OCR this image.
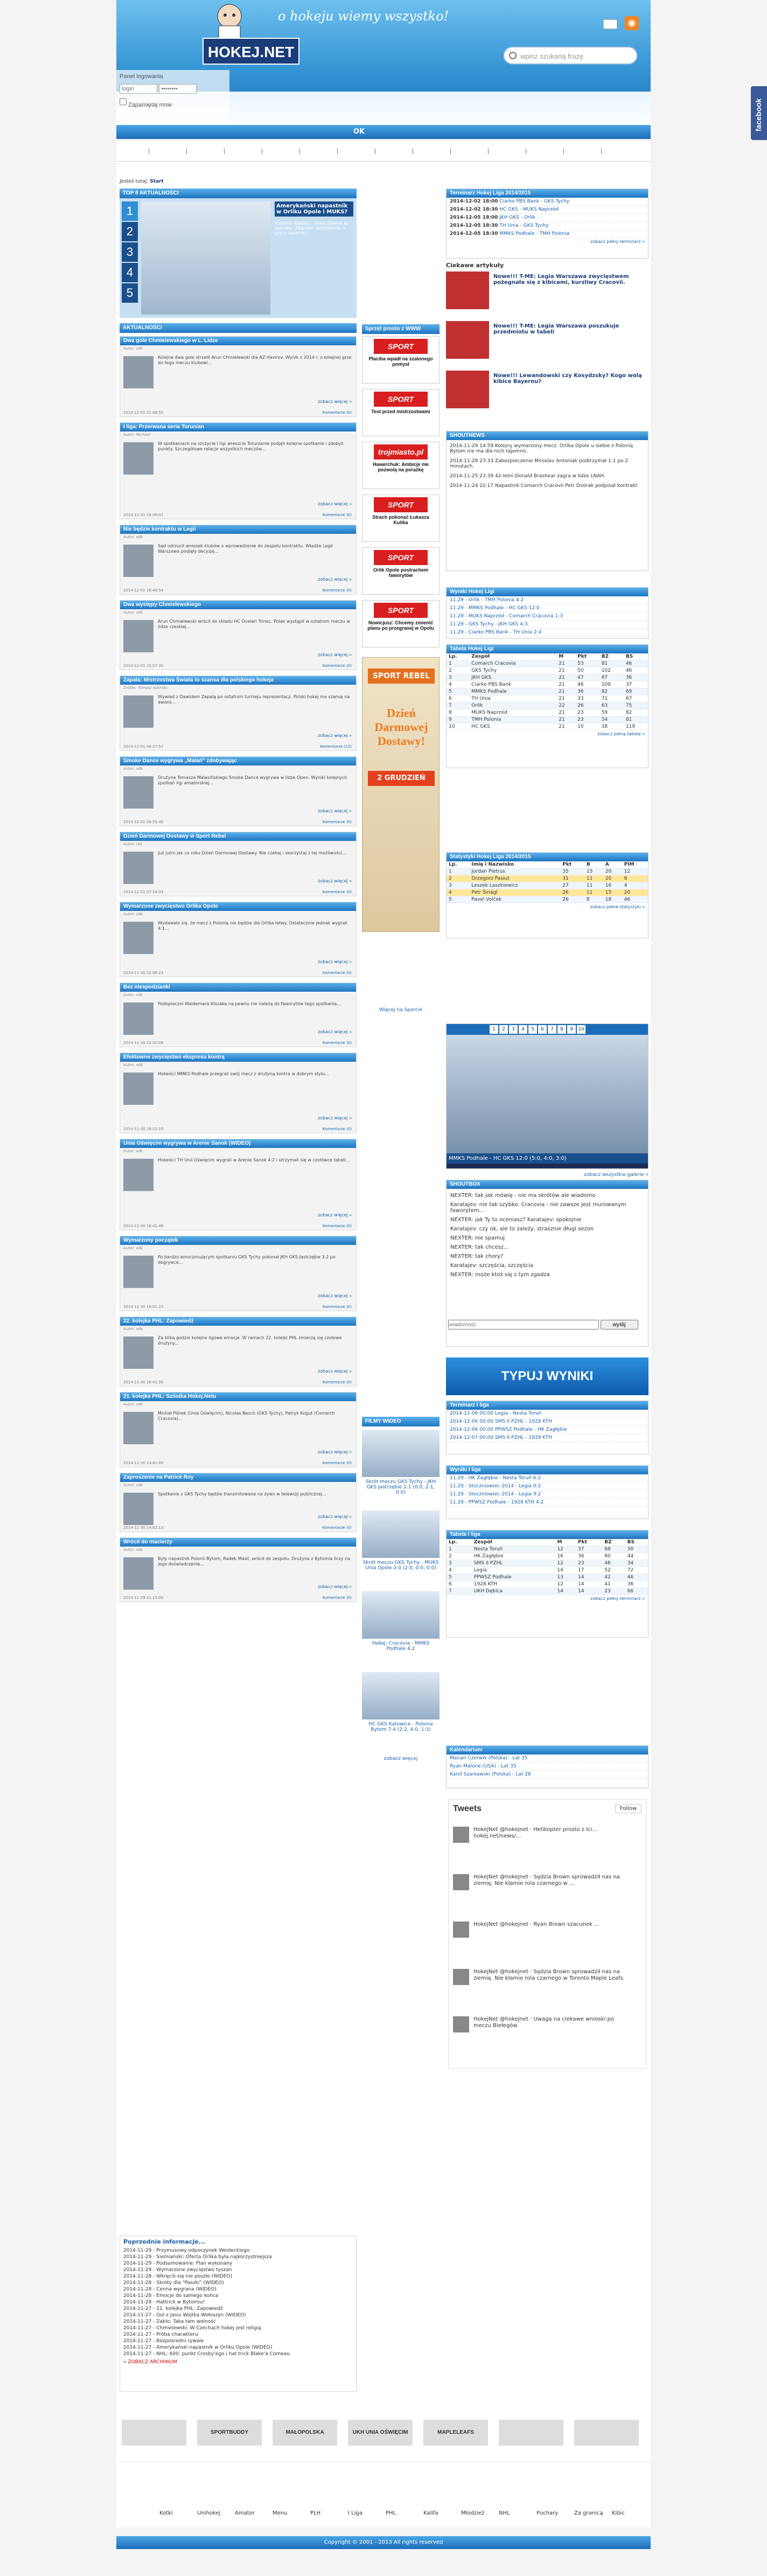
facebook
o hokeju wiemy wszystko!
HOKEJ.NET
◉
wpisz szukaną frazę
Panel logowania
login ••••••••
Zapamiętaj mnie
OK
Jesteś tutaj: Start
TOP 8 AKTUALNOŚCI
1
2
3
4
5
Amerykański napastnik w Orliku Opole i MUKS?
Vladimir Kladivo i Grant Dvorak w kościele. Zdaniem sportowców o grę w sezonie...
AKTUALNOŚCI
Dwa gole Chmielewskiego w L. Lidze
Autor: xdk
Kolejne dwa gole strzelił Arun Chmielewski dla AZ Havirov. Wynik z 2014 r. o kolejnej grze do tego meczu klubowi...
zobacz więcej »
2014-12-01 21:08:55	Komentarze (0)
I liga: Przerwana seria Torunian
Autor: Michael
W spotkaniach na szczycie I ligi wreszcie Torunianie podjęli kolejne spotkanie i zdobyli punkty. Szczegółowe relacje wszystkich meczów...
zobacz więcej »
2014-12-01 19:49:01	Komentarze (0)
Nie będzie kontraktu w Legii
Autor: xdk
Sąd odrzucił wniosek klubów o wprowadzenie do zespołu kontraktu. Władze Legii Warszawa podjęły decyzję...
zobacz więcej »
2014-12-01 18:46:54	Komentarze (0)
Dwa występy Chmielewskiego
Autor: xdk
Arun Chmielewski wrócił do składu HC Ocelari Trinec. Polak wystąpił w ostatnim meczu w lidze czeskiej...
zobacz więcej »
2014-12-01 15:57:30	Komentarze (0)
Zapala: Mistrzostwa Świata to szansa dla polskiego hokeja
Źródło: Tomasz Kuliński
Wywiad z Dawidem Zapalą po ostatnim turnieju reprezentacji. Polski hokej ma szansę na awans...
zobacz więcej »
2014-12-01 08:37:57	Komentarze (12)
Smoke Dance wygrywa „Malań” zdobywając
Autor: xdk
Drużyna Tomasza Malasińskiego Smoke Dance wygrywa w lidze Open. Wyniki kolejnych spotkań ligi amatorskiej...
zobacz więcej »
2014-12-01 06:55:40	Komentarze (0)
Dzień Darmowej Dostawy w Sport Rebel
Autor: rzd
Już jutro jak co roku Dzień Darmowej Dostawy. Nie czekaj i skorzystaj z tej możliwości...
zobacz więcej »
2014-12-01 07:16:04	Komentarze (0)
Wymarzone zwycięstwo Orlika Opole
Autor: xdk
Wydawało się, że mecz z Polonią nie będzie dla Orlika łatwy. Ostatecznie jednak wygrali 4:1...
zobacz więcej »
2014-11-30 22:06:23	Komentarze (0)
Bez niespodzianki
Autor: xdk
Podopieczni Waldemara Klisiaka na pewno nie należą do faworytów tego spotkania...
zobacz więcej »
2014-11-30 21:02:06	Komentarze (0)
Efektowne zwycięstwo ekspresu kontrą
Autor: xdk
Hokeiści MMKS Podhale przegrali swój mecz z drużyną kontra w dobrym stylu...
zobacz więcej »
2014-11-30 18:52:19	Komentarze (0)
Unia Oświęcim wygrywa w Arenie Sanok (WIDEO)
Autor: xdk
Hokeiści TH Unii Oświęcim wygrali w Arenie Sanok 4:2 i utrzymali się w czołówce tabeli...
zobacz więcej »
2014-11-30 18:41:48	Komentarze (0)
Wymarzony początek
Autor: xdk
Po bardzo emocjonującym spotkaniu GKS Tychy pokonał JKH GKS Jastrzębie 3:2 po dogrywce...
zobacz więcej »
2014-11-30 16:01:23	Komentarze (0)
22. kolejka PHL: Zapowiedź
Autor: xdk
Za kilka godzin kolejne ligowe emocje. W ramach 22. kolejki PHL zmierzą się czołowe drużyny...
zobacz więcej »
2014-11-30 16:41:00	Komentarze (0)
21. kolejka PHL: Szóstka Hokej.Netu
Autor: xdk
Michał Piórek (Unia Oświęcim), Nicolas Besch (GKS Tychy), Patryk Kogut (Comarch Cracovia)...
zobacz więcej »
2014-11-30 14:41:00	Komentarze (0)
Zaproszenie na Patrick Roy
Autor: xdk
Spotkanie z GKS Tychy będzie transmitowane na żywo w telewizji publicznej...
zobacz więcej »
2014-11-30 14:02:13	Komentarze (0)
Wrócił do macierzy
Autor: xdk
Były napastnik Polonii Bytom, Radek Masil, wrócił do zespołu. Drużyna z Bytomia liczy na jego doświadczenie...
zobacz więcej »
2014-11-29 21:15:00	Komentarze (0)
Poprzednie informacje...
2014-11-29 - Przymusowy odpoczynek Weideckiego
2014-11-29 - Siemiański: Oferta Orlika była najkorzystniejsza
2014-11-29 - Podsumowanie: Plan wykonany
2014-11-29 - Wymarzone zwycięstwo tyszan
2014-11-28 - Wkręcili się nie poszło (WIDEO)
2014-11-28 - Skróty dla "Paszki" (WIDEO)
2014-11-28 - Cenna wygrana (WIDEO)
2014-11-28 - Emocje do samego końca
2014-11-28 - Hattrick w Bytomiu!
2014-11-27 - 21. kolejka PHL: Zapowiedź
2014-11-27 - Gol z Jasiu Wojtka Wołoszyn (WIDEO)
2014-11-27 - Zaklo: Taka tam wolność
2014-11-27 - Chmielewski: W Czechach hokej jest religią
2014-11-27 - Próba charakteru
2014-11-27 - Bezpośredni rywale
2014-11-27 - Amerykański napastnik w Orliku Opole (WIDEO)
2014-11-27 - NHL: 600. punkt Crosby'ego i hat trick Blake'a Comeau
» ZOBACZ ARCHIWUM
Sprzęt prosto z WWW
SPORT
Płaciba wpadł na szalonego pomysł
SPORT
Test przed mistrzostwami
trojmiasto.pl
Hawerchuk: Ambicje nie pozwolą na porażkę
SPORT
Strach pokonać Łukasza Kulika
SPORT
Orlik Opole postrachem faworytów
SPORT
Nowicjusz: Chcemy zmienić planu po przegranej w Opolu
SPORT REBEL
Dzień Darmowej Dostawy!
2 GRUDZIEŃ
Więcej na Sporcie
FILMY WIDEO
Skrót meczu GKS Tychy - JKH GKS Jastrzębie 2:1 (0:0, 2:1, 0:0)
Skrót meczu GKS Tychy - MUKS Unia Opole 2:0 (2:0, 0:0, 0:0)
Hokej: Cracovia - MMKS Podhale 4:2
HC GKS Katowice - Polonia Bytom 7:4 (2:2, 4:0, 1:3)
zobacz więcej
Terminarz Hokej Liga 2014/2015
2014-12-02 18:00 Ciarko PBS Bank - GKS Tychy
2014-12-02 18:30 HC GKS - MUKS Naprzód
2014-12-05 18:00 JKH GKS - Orlik
2014-12-05 18:30 TH Unia - GKS Tychy
2014-12-05 18:30 MMKS Podhale - TMH Polonia
zobacz pełny terminarz »
Ciekawe artykuły
Nowe!!! T-ME: Legia Warszawa zwycięstwem pożegnała się z kibicami, kurzliwy Cracovii.
Nowe!!! T-ME: Legia Warszawa poszukuje przedmiotu w tabeli
Nowe!!! Lewandowski czy Kosydzsky? Kogo wolą kibice Bayernu?
SHOUTNEWS
2014-11-29 14:59 Kolejny wymarzony mecz. Orlika Opole u siebie z Polonią Bytom nie ma dla nich tajemnic.
2014-11-28 23:33 Zabezpieczenie Miroslav Antoniak podtrzymał 1:1 po 2 minutach.
2014-11-25 23:39 42-letni Donald Brashear zagra w lidze LNAH.
2014-11-24 22:17 Napastnik Comarch Cracovii Petr Dvorak podpisał kontrakt
Wyniki Hokej Ligi
11.29 - Orlik - TMH Polonia 4:2
11.29 - MMKS Podhale - HC GKS 12:0
11.29 - MUKS Naprzód - Comarch Cracovia 1:3
11.29 - GKS Tychy - JKH GKS 4:3
11.29 - Ciarko PBS Bank - TH Unia 2:4
Tabela Hokej Ligi
Lp.	Zespół	M	Pkt	BZ	BS
1	Comarch Cracovia	21	53	81	46
2	GKS Tychy	21	50	102	46
3	JKH GKS	21	47	87	36
4	Ciarko PBS Bank	21	46	109	37
5	MMKS Podhale	21	36	82	69
6	TH Unia	21	33	71	67
7	Orlik	22	26	63	75
8	MUKS Naprzód	21	23	59	82
9	TMH Polonia	21	23	54	81
10	HC GKS	21	10	38	119
zobacz pełną tabelę »
Statystyki Hokej Liga 2014/2015
Lp.	Imię i Nazwisko	Pkt	B	A	PIM
1	Jordan Pietrus	35	15	20	12
2	Grzegorz Pasiut	31	11	20	8
3	Leszek Laszkiewicz	27	11	16	4
4	Petr Šinágl	26	11	15	20
5	Pavel Volček	26	8	18	46
zobacz pełne statystyki »
1 2 3 4 5 6 7 8 9 10
MMKS Podhale - HC GKS 12:0 (5:0, 4:0, 3:0)
zobacz wszystkie galerie »
SHOUTBOX
NEXTER: tak jak mówię - nie ma skrótów ale wiadomo
Karatajev: nie tak szybko. Cracovia - nie zawsze jest murowanym faworytem...
NEXTER: jak Ty to oceniasz? Karatajev: spokojnie
Karatajev: czy ok, ale to zależy, strasznie długi sezon
NEXTER: nie spamuj
NEXTER: tak chcesz...
NEXTER: tak chory?
Karatajev: szczęścia, szczęścia
NEXTER: może ktoś się z tym zgadza
wiadomość wyślij
TYPUJ WYNIKI
Terminarz I liga
2014-12-06 00:00 Legia - Nesta Toruń
2014-12-06 00:00 SMS II PZHL - 1928 KTH
2014-12-06 00:00 PPWSZ Podhale - HK Zagłębie
2014-12-07 00:00 SMS II PZHL - 1928 KTH
Wyniki I liga
11.29 - HK Zagłębie - Nesta Toruń 6:2
11.29 - Stoczniowiec 2014 - Legia 0:2
11.29 - Stoczniowiec 2014 - Legia 9:2
11.29 - PPWSZ Podhale - 1928 KTH 4:2
Tabela I liga
Lp.	Zespół	M	Pkt	BZ	BS
1	Nesta Toruń	12	37	68	30
2	HK Zagłębie	16	36	80	44
3	SMS II PZHL	12	23	46	34
4	Legia	14	17	52	72
5	PPWSZ Podhale	13	14	42	46
6	1928 KTH	12	14	41	36
7	UKH Dębica	14	14	23	66
zobacz pełny terminarz »
Kalendarium
Marian Czerwik (Polska) - Lat 35
Ryan Malone (USA) - Lat 35
Karol Szaniawski (Polska) - Lat 28
Tweets	Follow
HokejNet @hokejnet · Helikopter prosto z Ici... hokej.net/news/...
HokejNet @hokejnet · Sędzia Brown sprowadził nas na ziemię. Nie kłamie rola czarnego w ...
HokejNet @hokejnet · Ryan Brown szacunek ...
HokejNet @hokejnet · Sędzia Brown sprowadził nas na ziemię. Nie kłamie rola czarnego w Toronto Maple Leafs.
HokejNet @hokejnet · Uwaga na ciekawe wnioski po meczu Biełegów
SPORTBUDDY	MAŁOPOLSKA	UKH UNIA OŚWIĘCIM	MAPLELEAFS
Kotki	Unihokej	Amator	Menu	PLH	I Liga	PHL	Kalifa	Młodzież	NHL	Puchary	Za granicą Kibic
Copyright © 2001 - 2013 All rights reserved
